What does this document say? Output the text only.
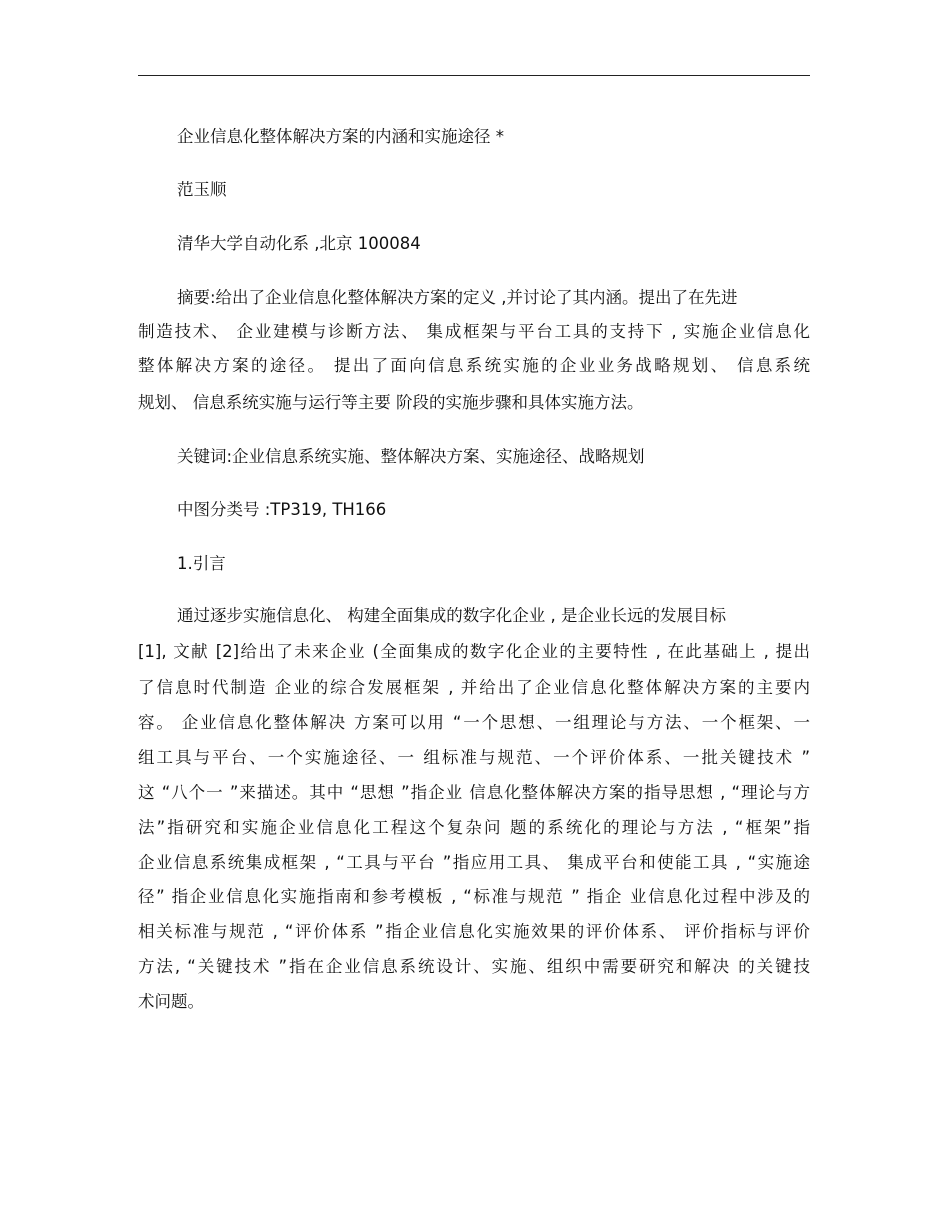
企业信息化整体解决方案的内涵和实施途径 *
范玉顺
清华大学自动化系 ,北京 100084
摘要:给出了企业信息化整体解决方案的定义 ,并讨论了其内涵。提出了在先进
制造技术、 企业建模与诊断方法、 集成框架与平台工具的支持下 , 实施企业信息化
整体解决方案的途径。 提出了面向信息系统实施的企业业务战略规划、 信息系统
规划、 信息系统实施与运行等主要 阶段的实施步骤和具体实施方法。
关键词:企业信息系统实施、整体解决方案、实施途径、战略规划
中图分类号 :TP319, TH166
1.引言
通过逐步实施信息化、 构建全面集成的数字化企业 , 是企业长远的发展目标
[1], 文献 [2]给出了未来企业 (全面集成的数字化企业的主要特性 , 在此基础上 , 提出
了信息时代制造 企业的综合发展框架 , 并给出了企业信息化整体解决方案的主要内
容。 企业信息化整体解决 方案可以用 “一个思想、一组理论与方法、一个框架、一
组工具与平台、一个实施途径、一 组标准与规范、一个评价体系、一批关键技术 ”
这 “八个一 ”来描述。其中 “思想 ”指企业 信息化整体解决方案的指导思想 , “理论与方
法”指研究和实施企业信息化工程这个复杂问 题的系统化的理论与方法 , “框架”指
企业信息系统集成框架 , “工具与平台 ”指应用工具、 集成平台和使能工具 , “实施途
径” 指企业信息化实施指南和参考模板 , “标准与规范 ” 指企 业信息化过程中涉及的
相关标准与规范 , “评价体系 ”指企业信息化实施效果的评价体系、 评价指标与评价
方法, “关键技术 ”指在企业信息系统设计、实施、组织中需要研究和解决 的关键技
术问题。
